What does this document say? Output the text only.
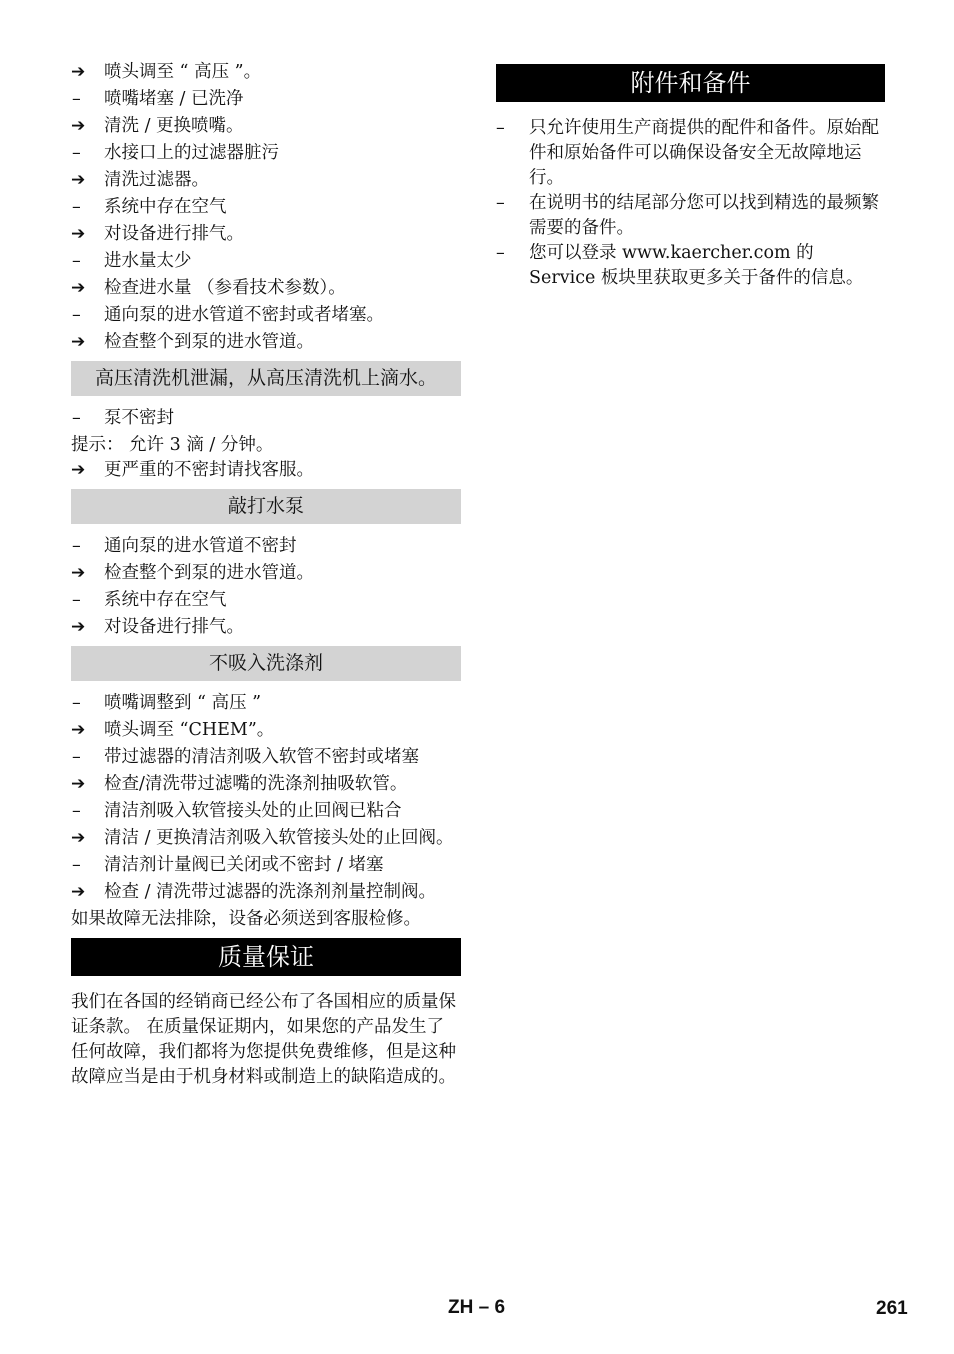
➔	喷头调至 “ 高压 ”。
–	喷嘴堵塞 / 已洗净
➔	清洗 / 更换喷嘴。
–	水接口上的过滤器脏污
➔	清洗过滤器。
–	系统中存在空气
➔	对设备进行排气。
–	进水量太少
➔	检查进水量 （参看技术参数）。
–	通向泵的进水管道不密封或者堵塞。
➔	检查整个到泵的进水管道。
高压清洗机泄漏，从高压清洗机上滴水。
–	泵不密封
提示： 允许 3 滴 / 分钟。
➔	更严重的不密封请找客服。
敲打水泵
–	通向泵的进水管道不密封
➔	检查整个到泵的进水管道。
–	系统中存在空气
➔	对设备进行排气。
不吸入洗涤剂
–	喷嘴调整到 “ 高压 ”
➔	喷头调至 “CHEM”。
–	带过滤器的清洁剂吸入软管不密封或堵塞
➔	检查/清洗带过滤嘴的洗涤剂抽吸软管。
–	清洁剂吸入软管接头处的止回阀已粘合
➔	清洁 / 更换清洁剂吸入软管接头处的止回阀。
–	清洁剂计量阀已关闭或不密封 / 堵塞
➔	检查 / 清洗带过滤器的洗涤剂剂量控制阀。
如果故障无法排除，设备必须送到客服检修。
质量保证
我们在各国的经销商已经公布了各国相应的质量保证条款。 在质量保证期内，如果您的产品发生了任何故障，我们都将为您提供免费维修，但是这种故障应当是由于机身材料或制造上的缺陷造成的。
附件和备件
–	只允许使用生产商提供的配件和备件。原始配件和原始备件可以确保设备安全无故障地运行。
–	在说明书的结尾部分您可以找到精选的最频繁需要的备件。
–	您可以登录 www.kaercher.com 的 Service 板块里获取更多关于备件的信息。
ZH – 6	261
